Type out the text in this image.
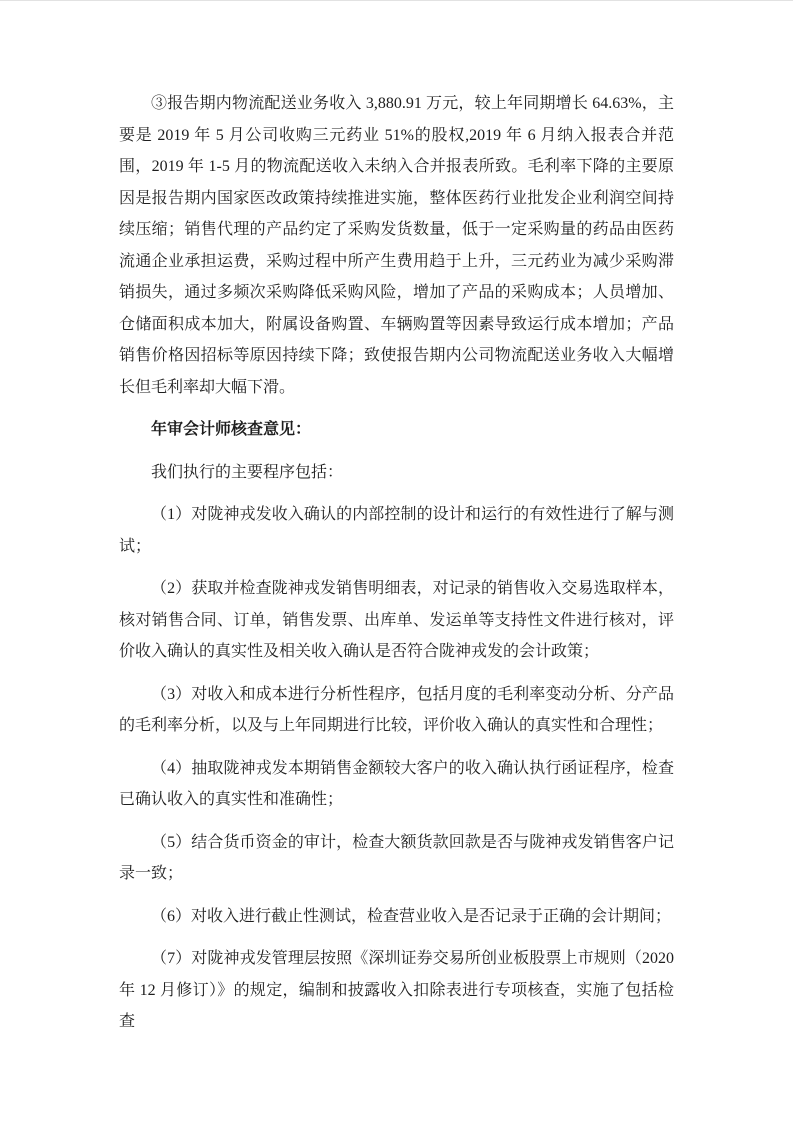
③报告期内物流配送业务收入 3,880.91 万元，较上年同期增长 64.63%，主要是 2019 年 5 月公司收购三元药业 51%的股权,2019 年 6 月纳入报表合并范围，2019 年 1-5 月的物流配送收入未纳入合并报表所致。毛利率下降的主要原因是报告期内国家医改政策持续推进实施，整体医药行业批发企业利润空间持续压缩；销售代理的产品约定了采购发货数量，低于一定采购量的药品由医药流通企业承担运费，采购过程中所产生费用趋于上升，三元药业为减少采购滞销损失，通过多频次采购降低采购风险，增加了产品的采购成本；人员增加、仓储面积成本加大，附属设备购置、车辆购置等因素导致运行成本增加；产品销售价格因招标等原因持续下降；致使报告期内公司物流配送业务收入大幅增长但毛利率却大幅下滑。

年审会计师核查意见：

我们执行的主要程序包括：

（1）对陇神戎发收入确认的内部控制的设计和运行的有效性进行了解与测试；

（2）获取并检查陇神戎发销售明细表，对记录的销售收入交易选取样本，核对销售合同、订单，销售发票、出库单、发运单等支持性文件进行核对，评价收入确认的真实性及相关收入确认是否符合陇神戎发的会计政策；

（3）对收入和成本进行分析性程序，包括月度的毛利率变动分析、分产品的毛利率分析，以及与上年同期进行比较，评价收入确认的真实性和合理性；

（4）抽取陇神戎发本期销售金额较大客户的收入确认执行函证程序，检查已确认收入的真实性和准确性；

（5）结合货币资金的审计，检查大额货款回款是否与陇神戎发销售客户记录一致；

（6）对收入进行截止性测试，检查营业收入是否记录于正确的会计期间；

（7）对陇神戎发管理层按照《深圳证券交易所创业板股票上市规则（2020 年 12 月修订）》的规定，编制和披露收入扣除表进行专项核查，实施了包括检查
